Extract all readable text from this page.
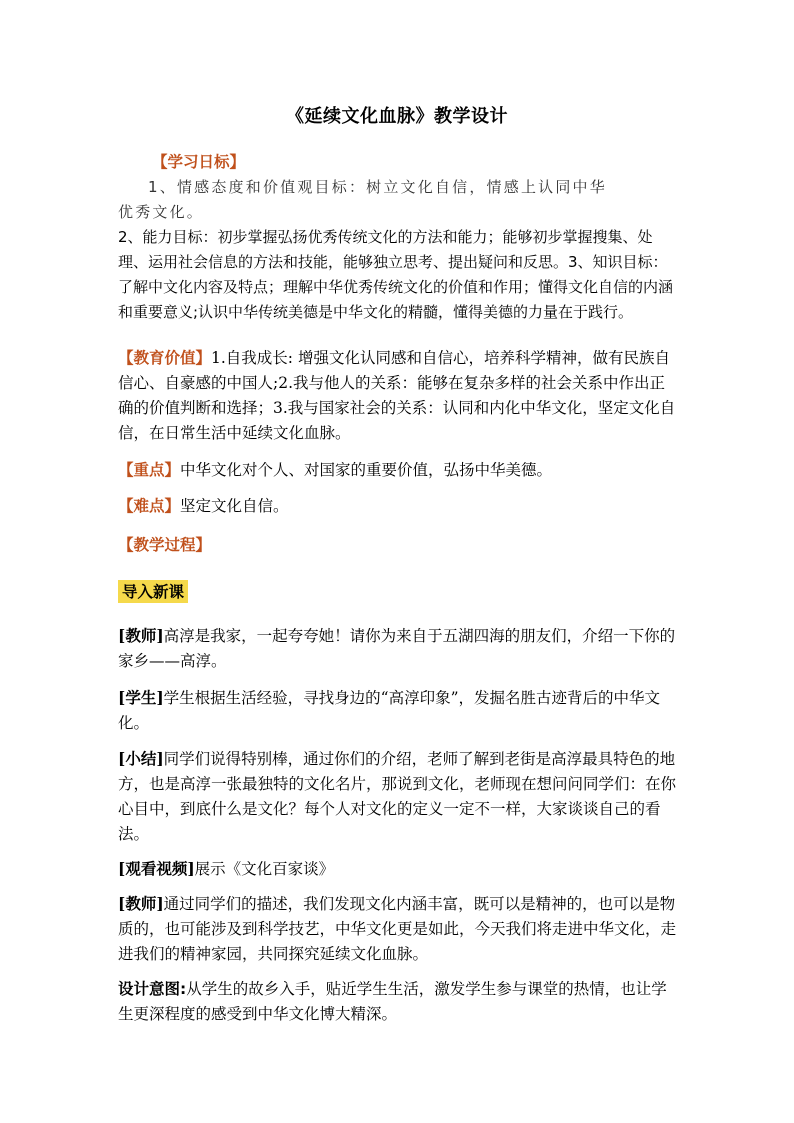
《延续文化血脉》教学设计
【学习日标】
1、情感态度和价值观目标：树立文化自信，情感上认同中华
优秀文化。
2、能力目标：初步掌握弘扬优秀传统文化的方法和能力；能够初步掌握搜集、处理、运用社会信息的方法和技能，能够独立思考、提出疑问和反思。3、知识目标：了解中文化内容及特点；理解中华优秀传统文化的价值和作用；懂得文化自信的内涵和重要意义;认识中华传统美德是中华文化的精髓，懂得美德的力量在于践行。
【教育价值】1.自我成长: 增强文化认同感和自信心，培养科学精神，做有民族自信心、自豪感的中国人;2.我与他人的关系：能够在复杂多样的社会关系中作出正确的价值判断和选择；3.我与国家社会的关系：认同和内化中华文化，坚定文化自信，在日常生活中延续文化血脉。
【重点】中华文化对个人、对国家的重要价值，弘扬中华美德。
【难点】坚定文化自信。
【教学过程】
导入新课
[教师]高淳是我家，一起夸夸她！请你为来自于五湖四海的朋友们，介绍一下你的家乡——高淳。
[学生]学生根据生活经验，寻找身边的“高淳印象”，发掘名胜古迹背后的中华文化。
[小结]同学们说得特别棒，通过你们的介绍，老师了解到老街是高淳最具特色的地方，也是高淳一张最独特的文化名片，那说到文化，老师现在想问问同学们：在你心目中，到底什么是文化？每个人对文化的定义一定不一样，大家谈谈自己的看法。
[观看视频]展示《文化百家谈》
[教师]通过同学们的描述，我们发现文化内涵丰富，既可以是精神的，也可以是物质的，也可能涉及到科学技艺，中华文化更是如此，今天我们将走进中华文化，走进我们的精神家园，共同探究延续文化血脉。
设计意图:从学生的故乡入手，贴近学生生活，激发学生参与课堂的热情，也让学生更深程度的感受到中华文化博大精深。
